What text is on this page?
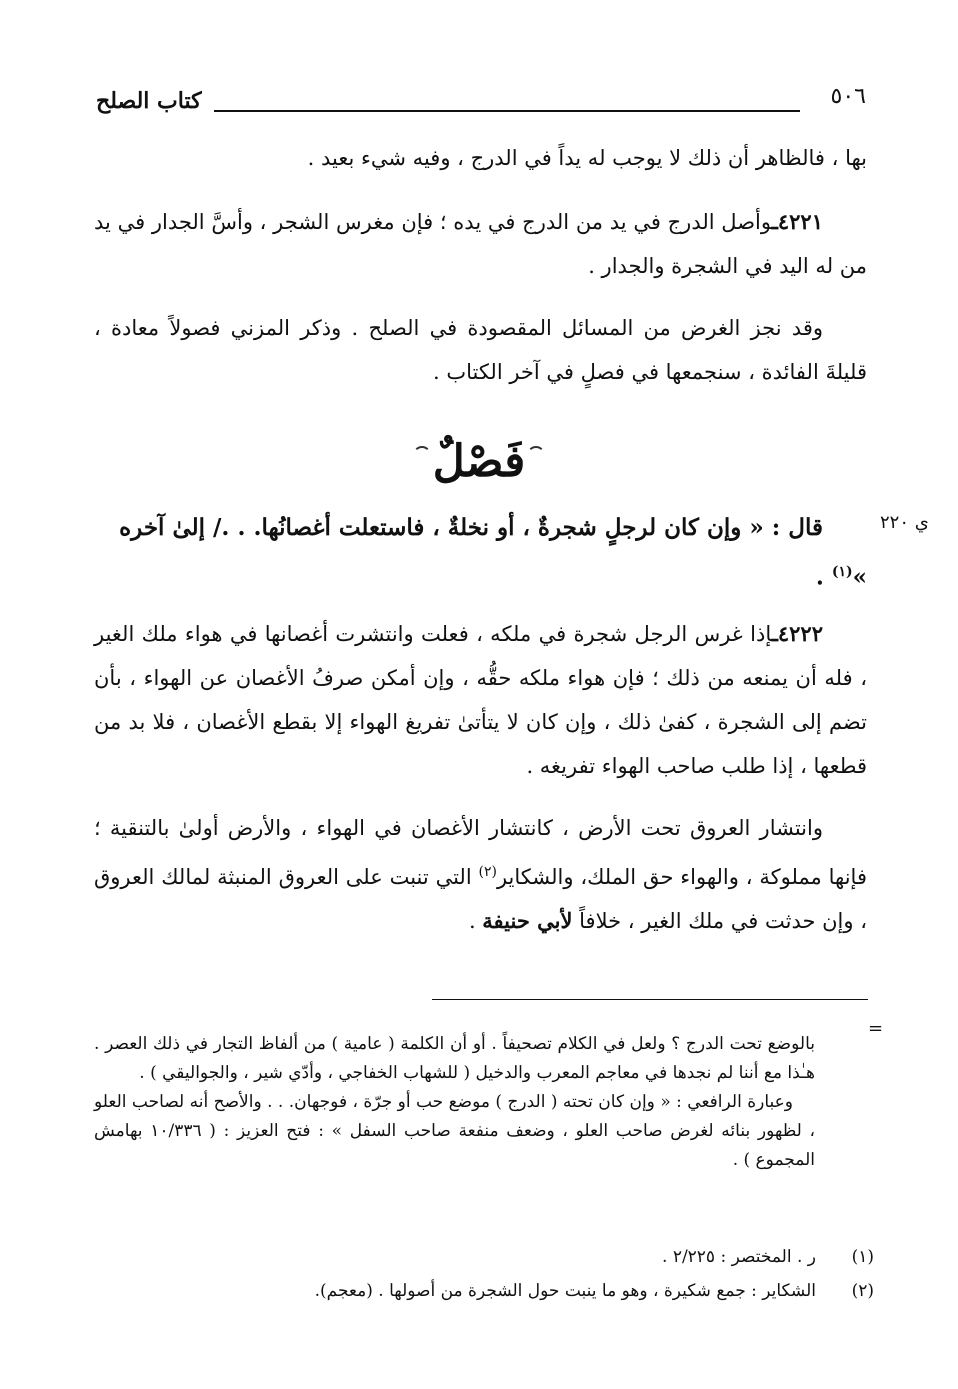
كتاب الصلح	٥٠٦

بها ، فالظاهر أن ذلك لا يوجب له يداً في الدرج ، وفيه شيء بعيد .

٤٢٢١ـوأصل الدرج في يد من الدرج في يده ؛ فإن مغرس الشجر ، وأسَّ الجدار في يد من له اليد في الشجرة والجدار .

وقد نجز الغرض من المسائل المقصودة في الصلح . وذكر المزني فصولاً معادة ، قليلةَ الفائدة ، سنجمعها في فصلٍ في آخر الكتاب .

فَصْلٌ
ي ٢٢٠

قال : « وإن كان لرجلٍ شجرةٌ ، أو نخلةٌ ، فاستعلت أغصانُها. . ./ إلىٰ آخره »$^{(١)}$ .

٤٢٢٢ـإذا غرس الرجل شجرة في ملكه ، فعلت وانتشرت أغصانها في هواء ملك الغير ، فله أن يمنعه من ذلك ؛ فإن هواء ملكه حقُّه ، وإن أمكن صرفُ الأغصان عن الهواء ، بأن تضم إلى الشجرة ، كفىٰ ذلك ، وإن كان لا يتأتىٰ تفريغ الهواء إلا بقطع الأغصان ، فلا بد من قطعها ، إذا طلب صاحب الهواء تفريغه .

وانتشار العروق تحت الأرض ، كانتشار الأغصان في الهواء ، والأرض أولىٰ بالتنقية ؛ فإنها مملوكة ، والهواء حق الملك، والشكاير$^{(٢)}$ التي تنبت على العروق المنبثة لمالك العروق ، وإن حدثت في ملك الغير ، خلافاً لأبي حنيفة .

=

بالوضع تحت الدرج ؟ ولعل في الكلام تصحيفاً . أو أن الكلمة ( عامية ) من ألفاظ التجار في ذلك العصر . هـٰذا مع أننا لم نجدها في معاجم المعرب والدخيل ( للشهاب الخفاجي ، وأدّي شير ، والجواليقي ) .

وعبارة الرافعي : « وإن كان تحته ( الدرج ) موضع حب أو جرّة ، فوجهان. . . والأصح أنه لصاحب العلو ، لظهور بنائه لغرض صاحب العلو ، وضعف منفعة صاحب السفل » : فتح العزيز : ( ١٠/٣٣٦ بهامش المجموع ) .

(١)
ر . المختصر : ٢/٢٢٥ .
(٢)
الشكاير : جمع شكيرة ، وهو ما ينبت حول الشجرة من أصولها . (معجم).
